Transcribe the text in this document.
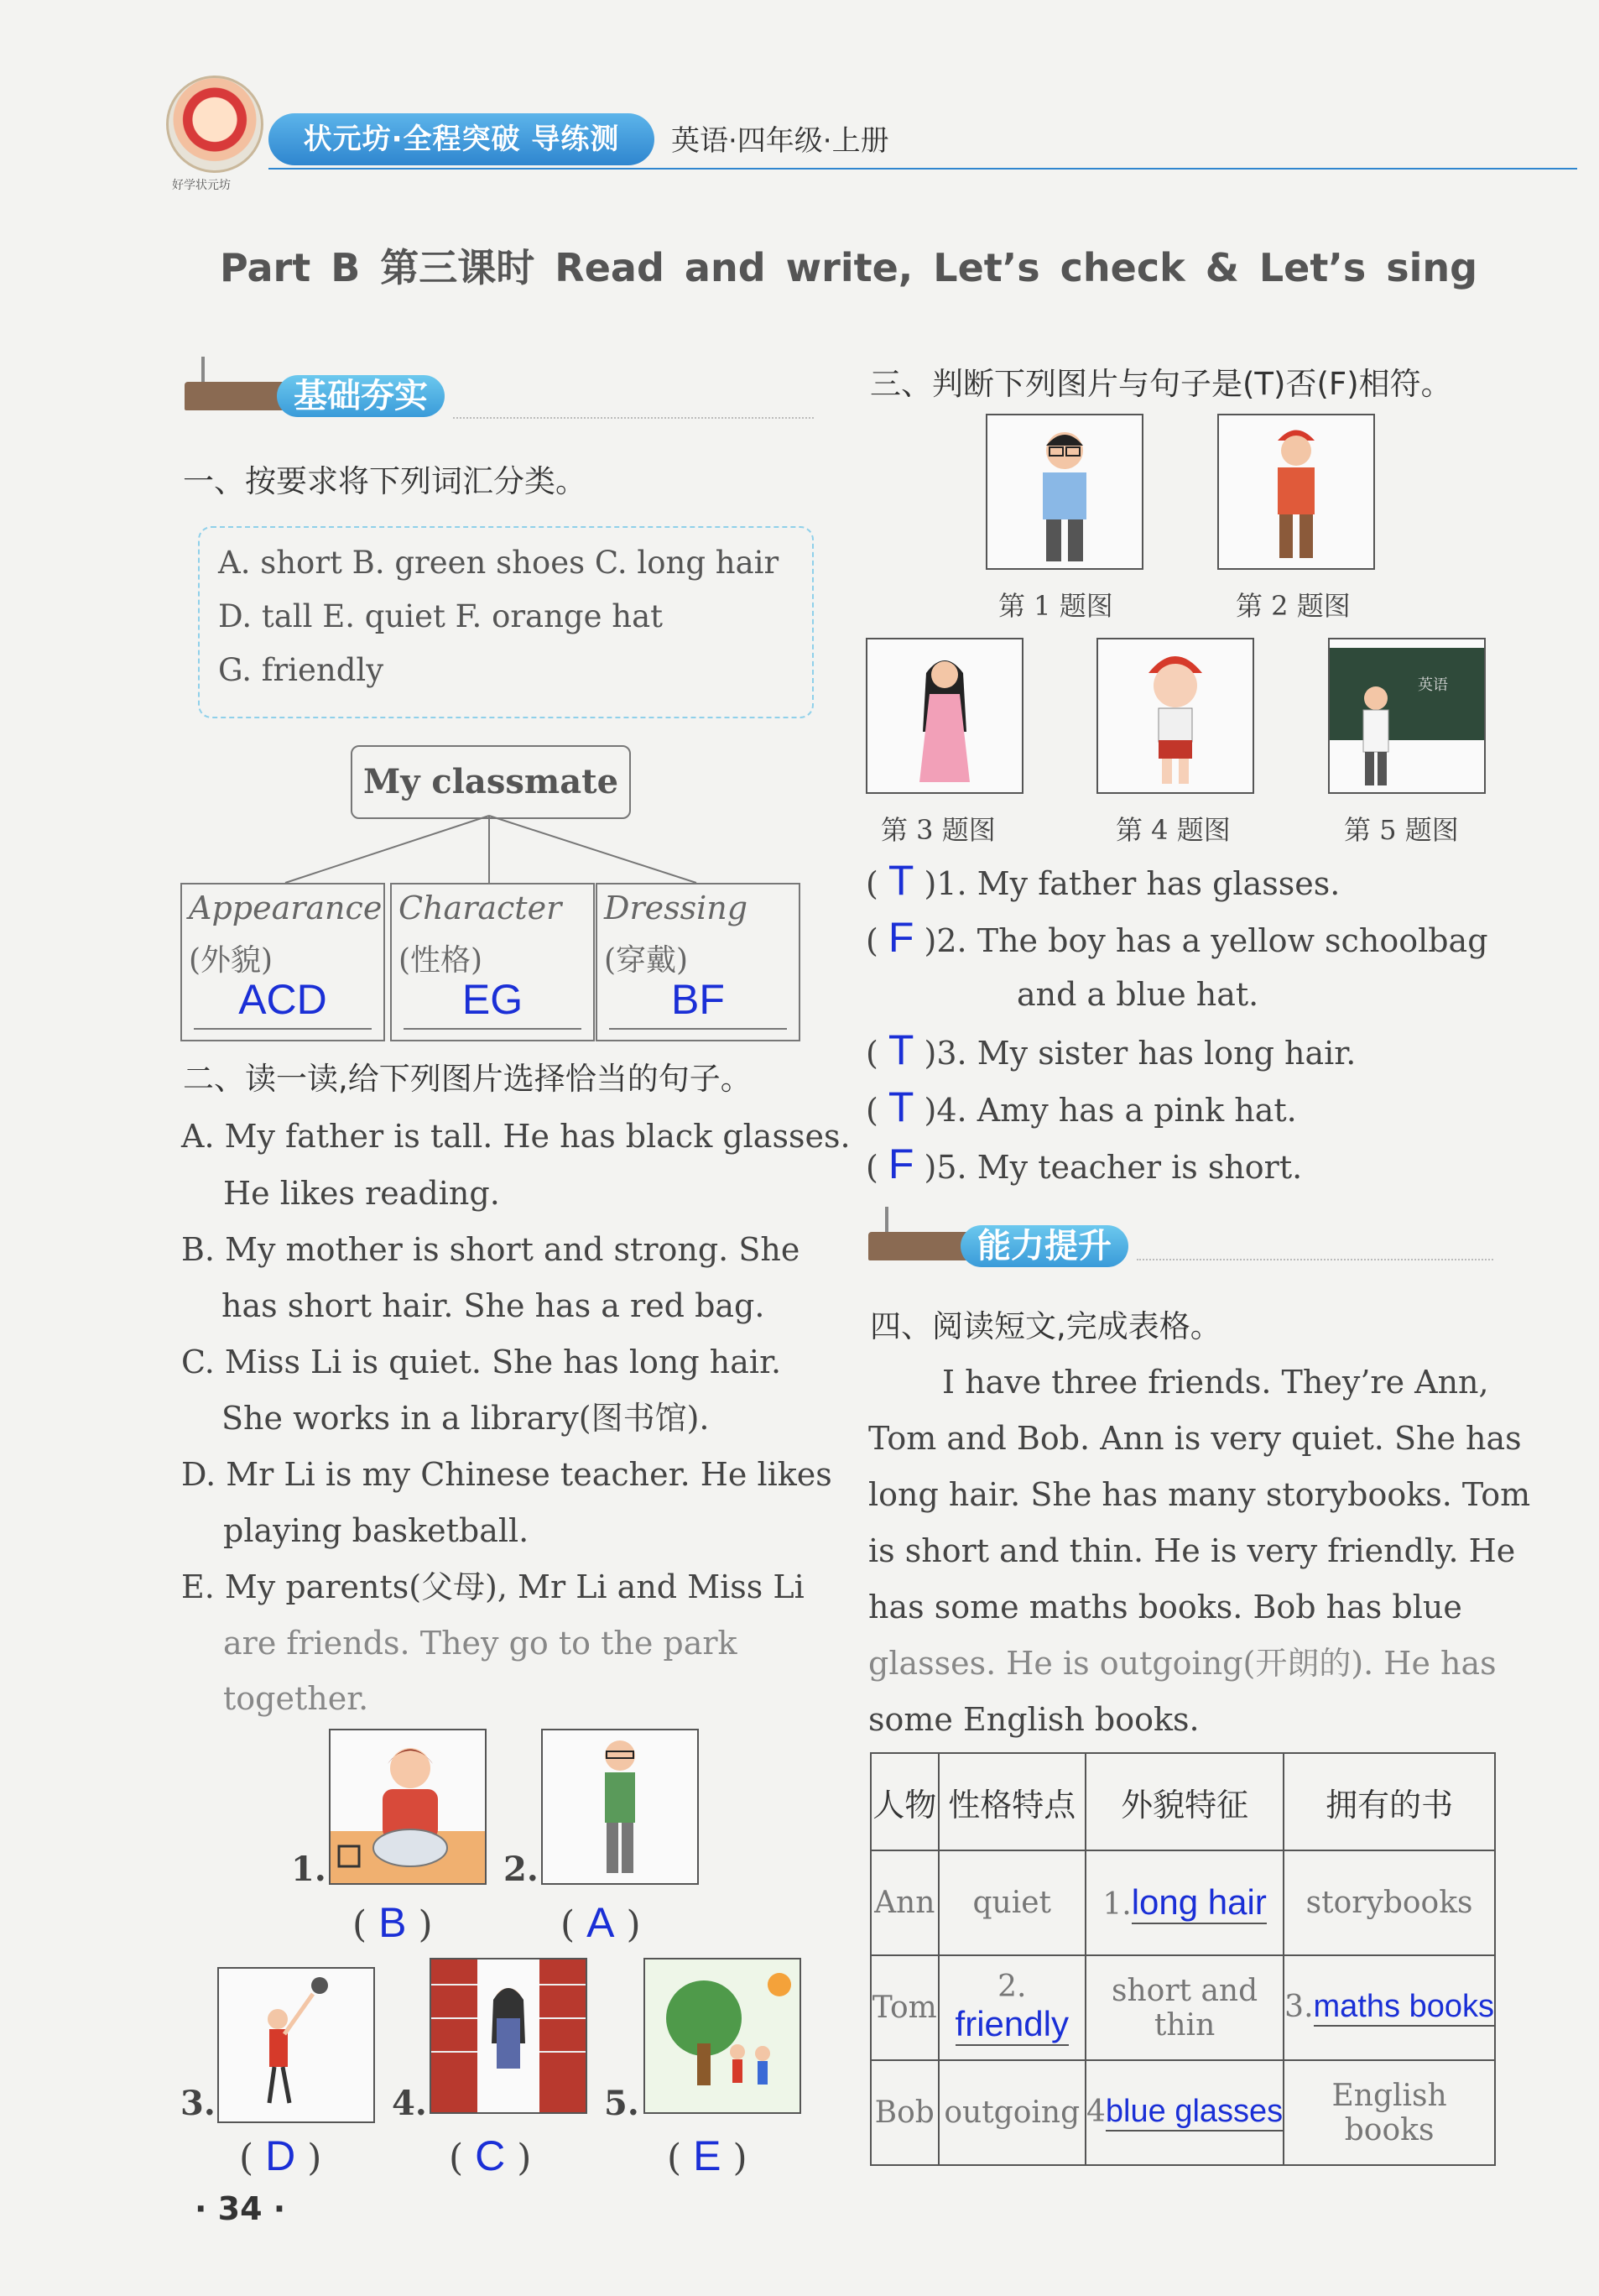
好学状元坊
状元坊·全程突破 导练测	英语·四年级·上册
Part B 第三课时 Read and write, Let’s check & Let’s sing
基础夯实
一、按要求将下列词汇分类。
A. short B. green shoes C. long hair
D. tall E. quiet F. orange hat
G. friendly
My classmate
Appearance
(外貌)
ACD
Character
(性格)
EG
Dressing
(穿戴)
BF
二、读一读,给下列图片选择恰当的句子。
A. My father is tall. He has black glasses.
He likes reading.
B. My mother is short and strong. She
has short hair. She has a red bag.
C. Miss Li is quiet. She has long hair.
She works in a library(图书馆).
D. Mr Li is my Chinese teacher. He likes
playing basketball.
E. My parents(父母), Mr Li and Miss Li
are friends. They go to the park
together.
1.	2.
( B )	( A )
3.	4.	5.
( D )	( C )	( E )
· 34 ·
三、判断下列图片与句子是(T)否(F)相符。
第 1 题图	第 2 题图
英语
第 3 题图	第 4 题图	第 5 题图
( T )1. My father has glasses.
( F )2. The boy has a yellow schoolbag
and a blue hat.
( T )3. My sister has long hair.
( T )4. Amy has a pink hat.
( F )5. My teacher is short.
能力提升
四、阅读短文,完成表格。
I have three friends. They’re Ann,
Tom and Bob. Ann is very quiet. She has
long hair. She has many storybooks. Tom
is short and thin. He is very friendly. He
has some maths books. Bob has blue
glasses. He is outgoing(开朗的). He has
some English books.
人物	性格特点	外貌特征	拥有的书
Ann	quiet	1.long hair	storybooks
Tom	2. friendly	short and thin	3.maths books
Bob	outgoing	4blue glasses	English books
